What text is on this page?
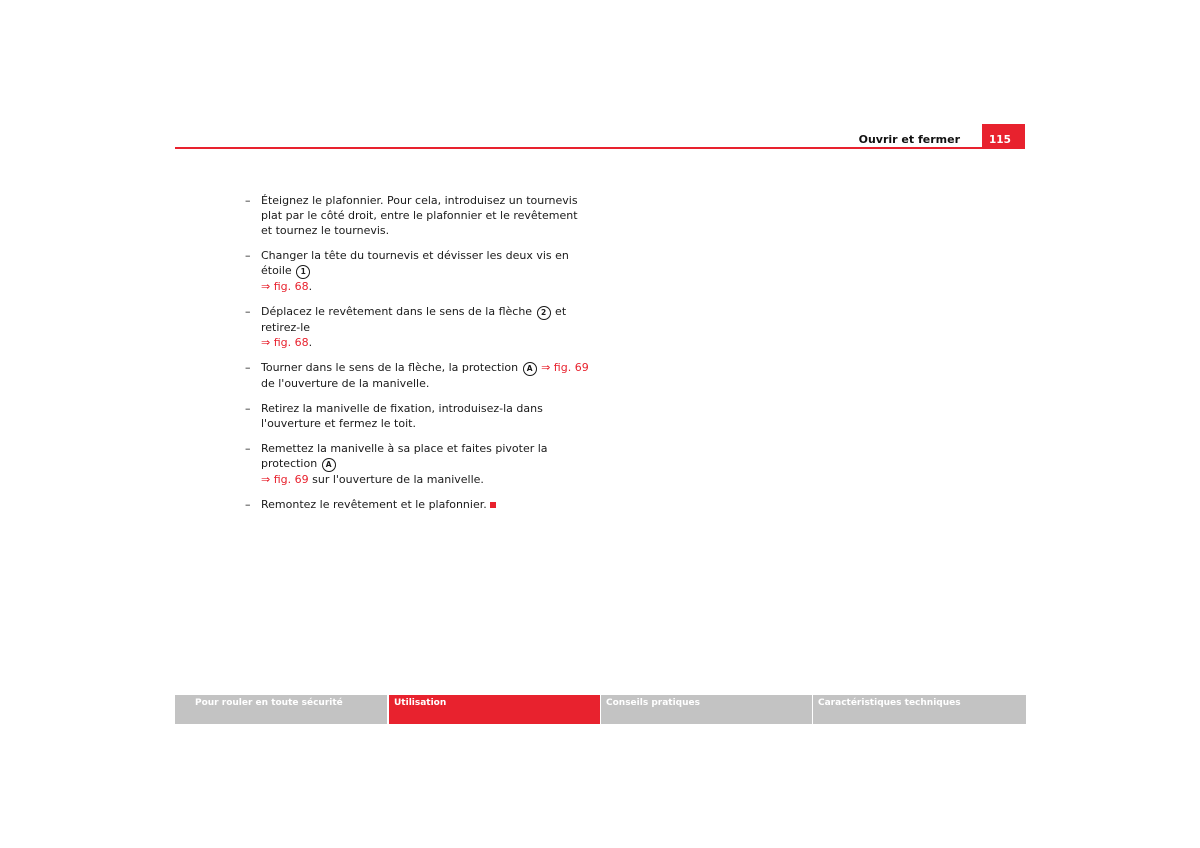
Ouvrir et fermer	115
– Éteignez le plafonnier. Pour cela, introduisez un tournevis plat par le côté droit, entre le plafonnier et le revêtement et tournez le tournevis.
– Changer la tête du tournevis et dévisser les deux vis en étoile 1
⇒ fig. 68.
– Déplacez le revêtement dans le sens de la flèche 2 et retirez-le
⇒ fig. 68.
– Tourner dans le sens de la flèche, la protection A ⇒ fig. 69 de l'ouverture de la manivelle.
– Retirez la manivelle de fixation, introduisez-la dans l'ouverture et fermez le toit.
– Remettez la manivelle à sa place et faites pivoter la protection A
⇒ fig. 69 sur l'ouverture de la manivelle.
– Remontez le revêtement et le plafonnier.
Pour rouler en toute sécurité	Utilisation	Conseils pratiques	Caractéristiques techniques
